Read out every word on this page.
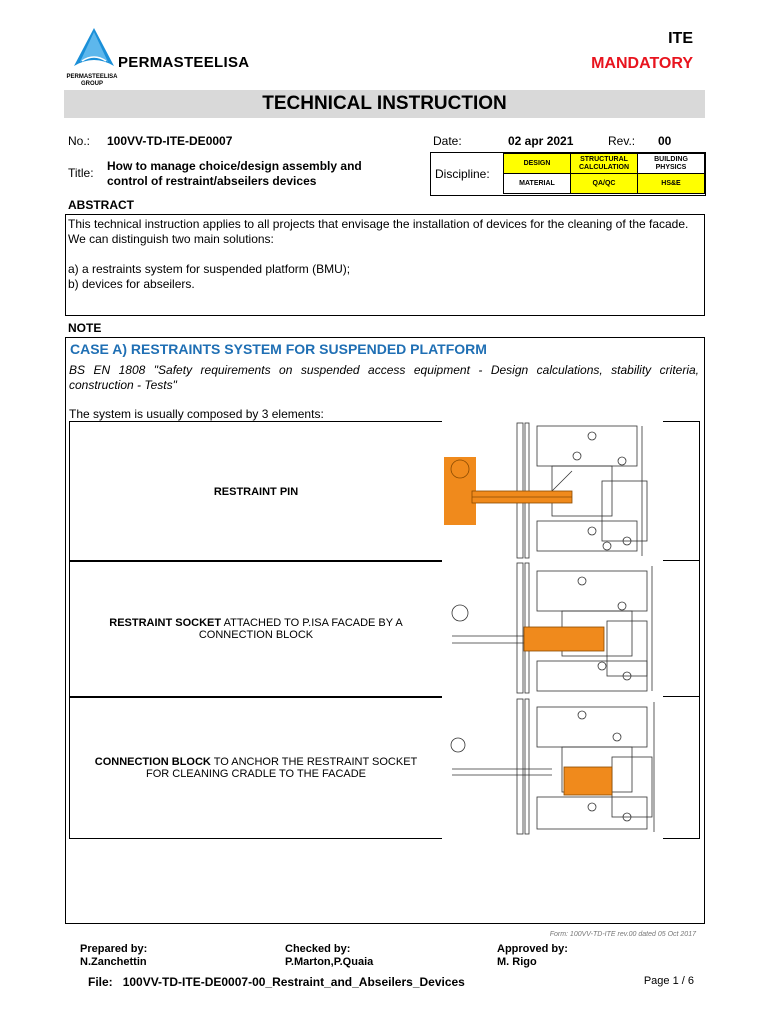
PERMASTEELISA
PERMASTEELISA GROUP
ITE
MANDATORY
TECHNICAL INSTRUCTION
No.: 100VV-TD-ITE-DE0007	Date:	02 apr 2021	Rev.: 00
Title: How to manage choice/design assembly and
control of restraint/abseilers devices	Discipline:
DESIGN	STRUCTURAL CALCULATION	BUILDING PHYSICS
MATERIAL	QA/QC	HS&E
ABSTRACT
This technical instruction applies to all projects that envisage the installation of devices for the cleaning of the facade.
We can distinguish two main solutions:
a) a restraints system for suspended platform (BMU);
b) devices for abseilers.
NOTE
CASE A) RESTRAINTS SYSTEM FOR SUSPENDED PLATFORM
BS EN 1808 "Safety requirements on suspended access equipment - Design calculations, stability criteria, construction - Tests"
The system is usually composed by 3 elements:
RESTRAINT PIN
RESTRAINT SOCKET ATTACHED TO P.ISA FACADE BY A CONNECTION BLOCK
CONNECTION BLOCK TO ANCHOR THE RESTRAINT SOCKET FOR CLEANING CRADLE TO THE FACADE
Form: 100VV-TD-ITE rev.00 dated 05 Oct 2017
Prepared by:
N.Zanchettin
Checked by:
P.Marton,P.Quaia
Approved by:
M. Rigo
File: 100VV-TD-ITE-DE0007-00_Restraint_and_Abseilers_Devices	Page 1 / 6
